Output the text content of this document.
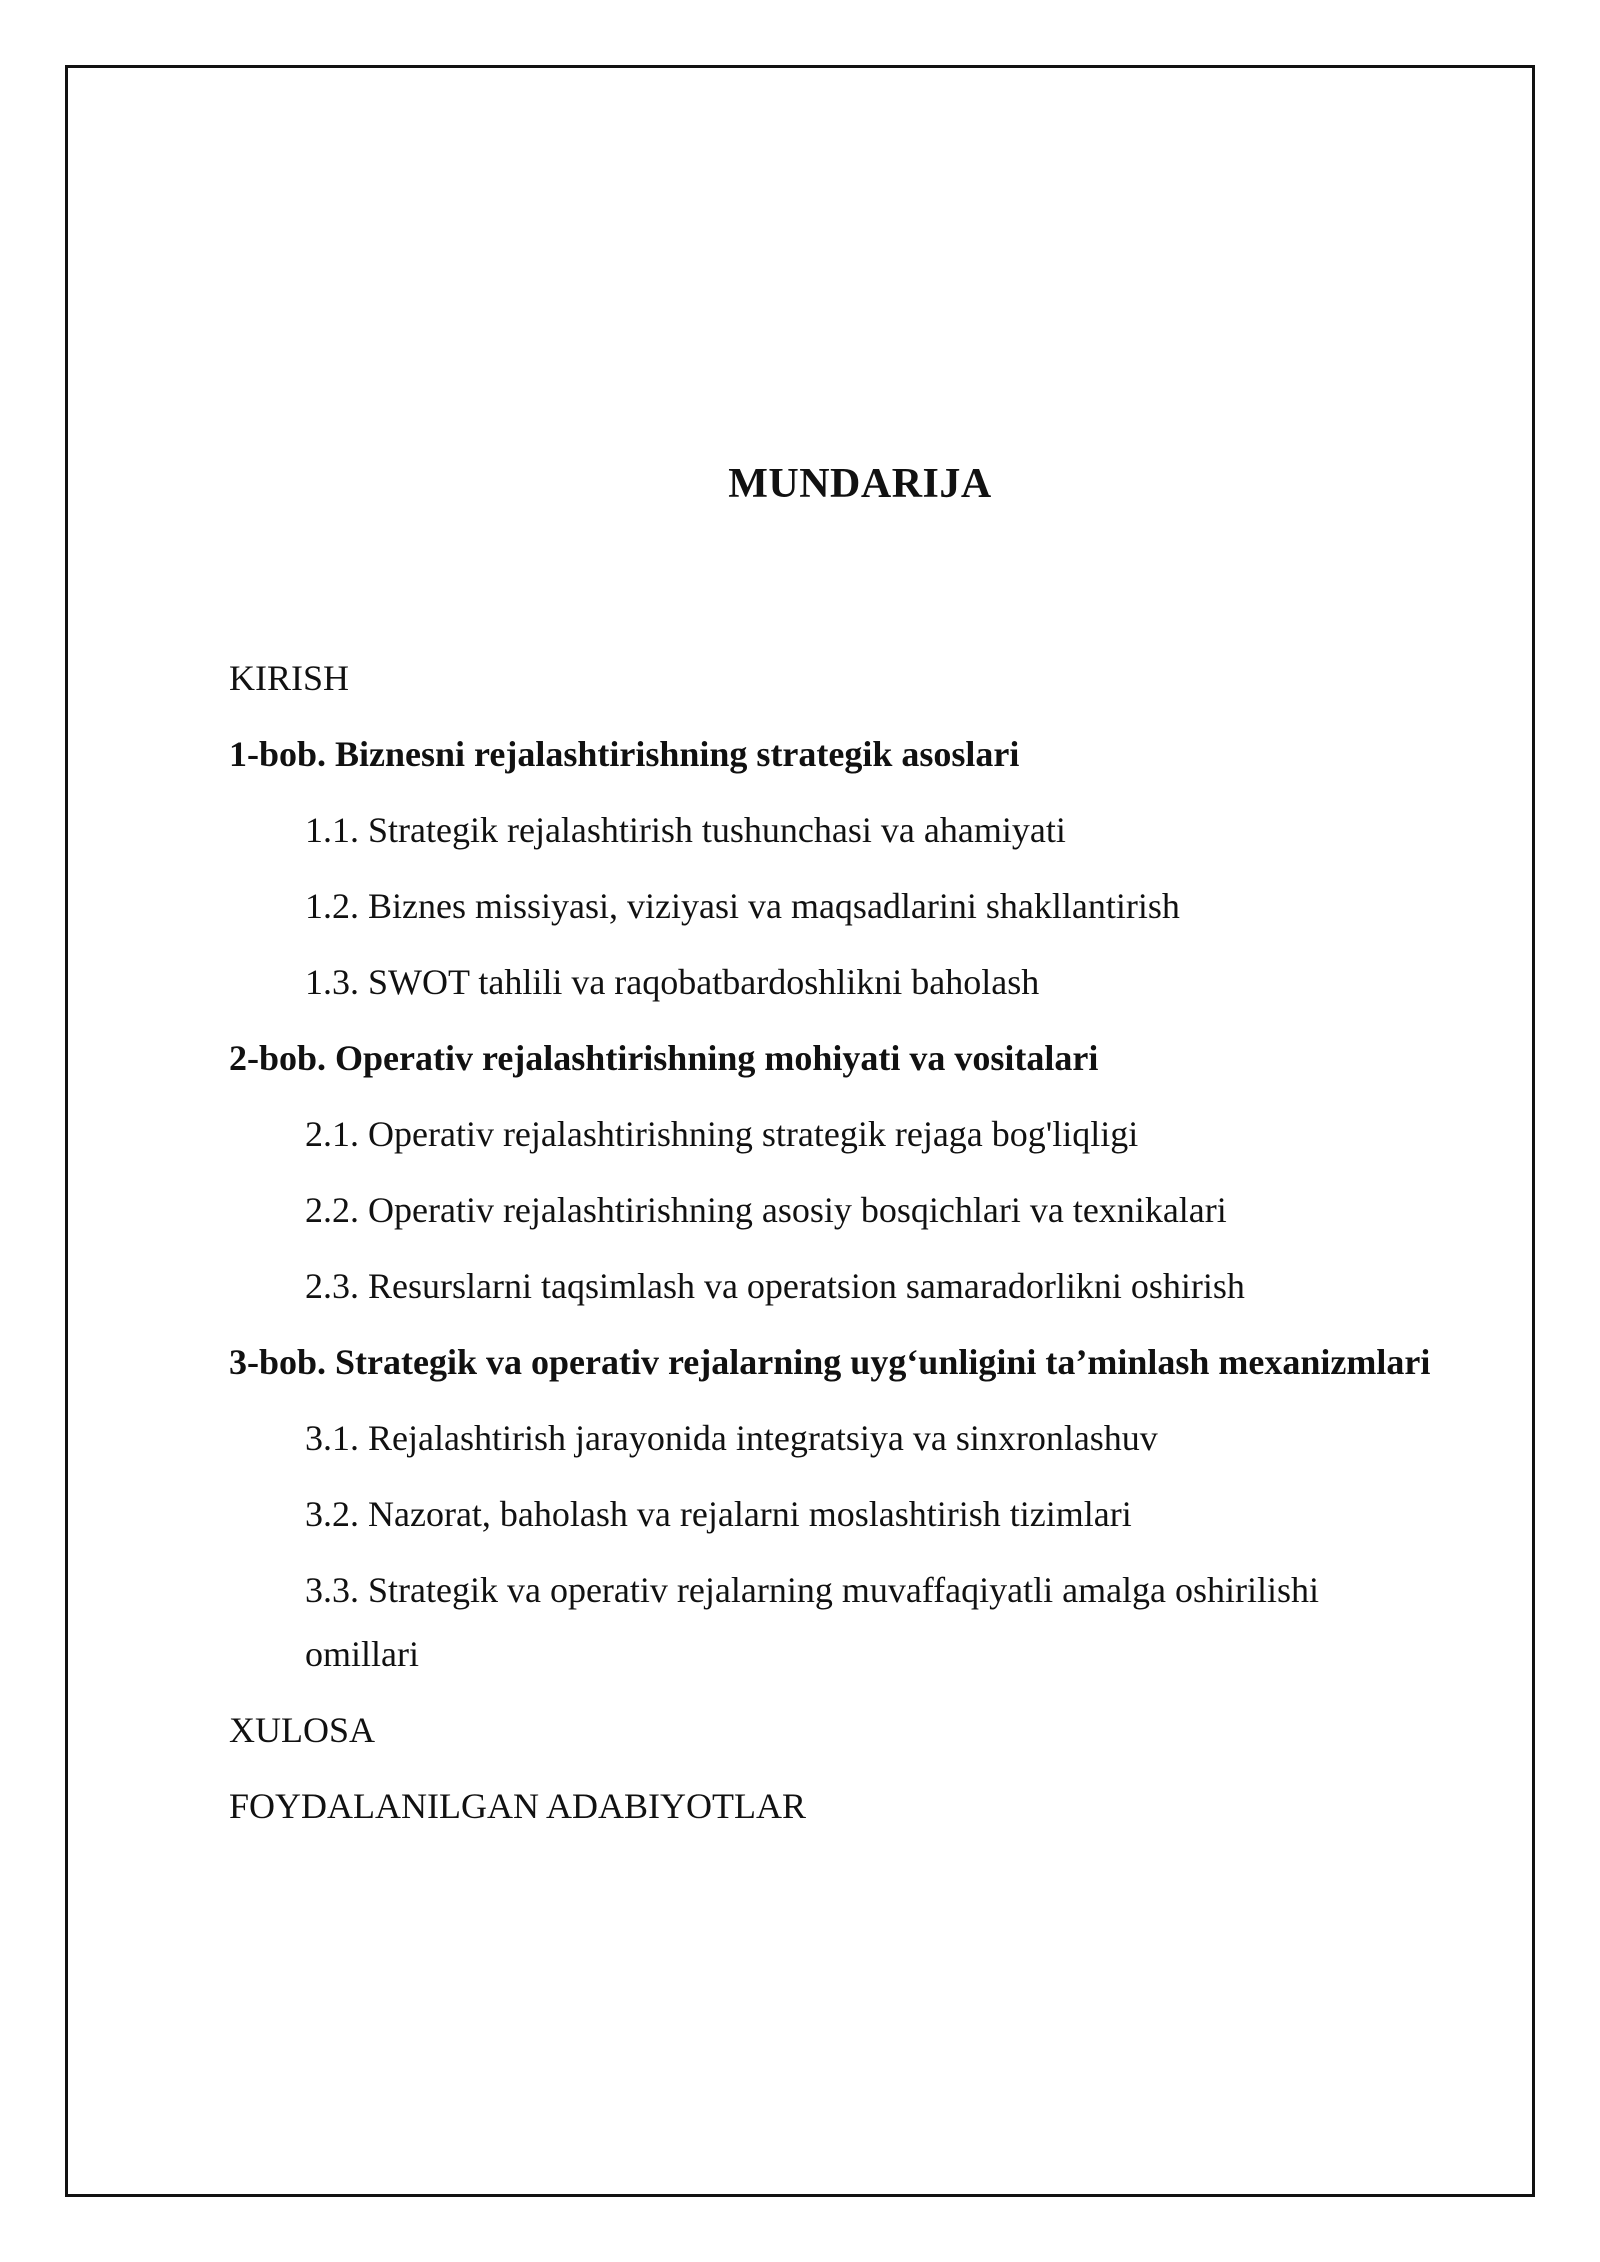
MUNDARIJA

KIRISH

1-bob. Biznesni rejalashtirishning strategik asoslari

1.1. Strategik rejalashtirish tushunchasi va ahamiyati

1.2. Biznes missiyasi, viziyasi va maqsadlarini shakllantirish

1.3. SWOT tahlili va raqobatbardoshlikni baholash

2-bob. Operativ rejalashtirishning mohiyati va vositalari

2.1. Operativ rejalashtirishning strategik rejaga bog'liqligi

2.2. Operativ rejalashtirishning asosiy bosqichlari va texnikalari

2.3. Resurslarni taqsimlash va operatsion samaradorlikni oshirish

3-bob. Strategik va operativ rejalarning uyg‘unligini ta’minlash mexanizmlari

3.1. Rejalashtirish jarayonida integratsiya va sinxronlashuv

3.2. Nazorat, baholash va rejalarni moslashtirish tizimlari

3.3. Strategik va operativ rejalarning muvaffaqiyatli amalga oshirilishi omillari

XULOSA

FOYDALANILGAN ADABIYOTLAR
